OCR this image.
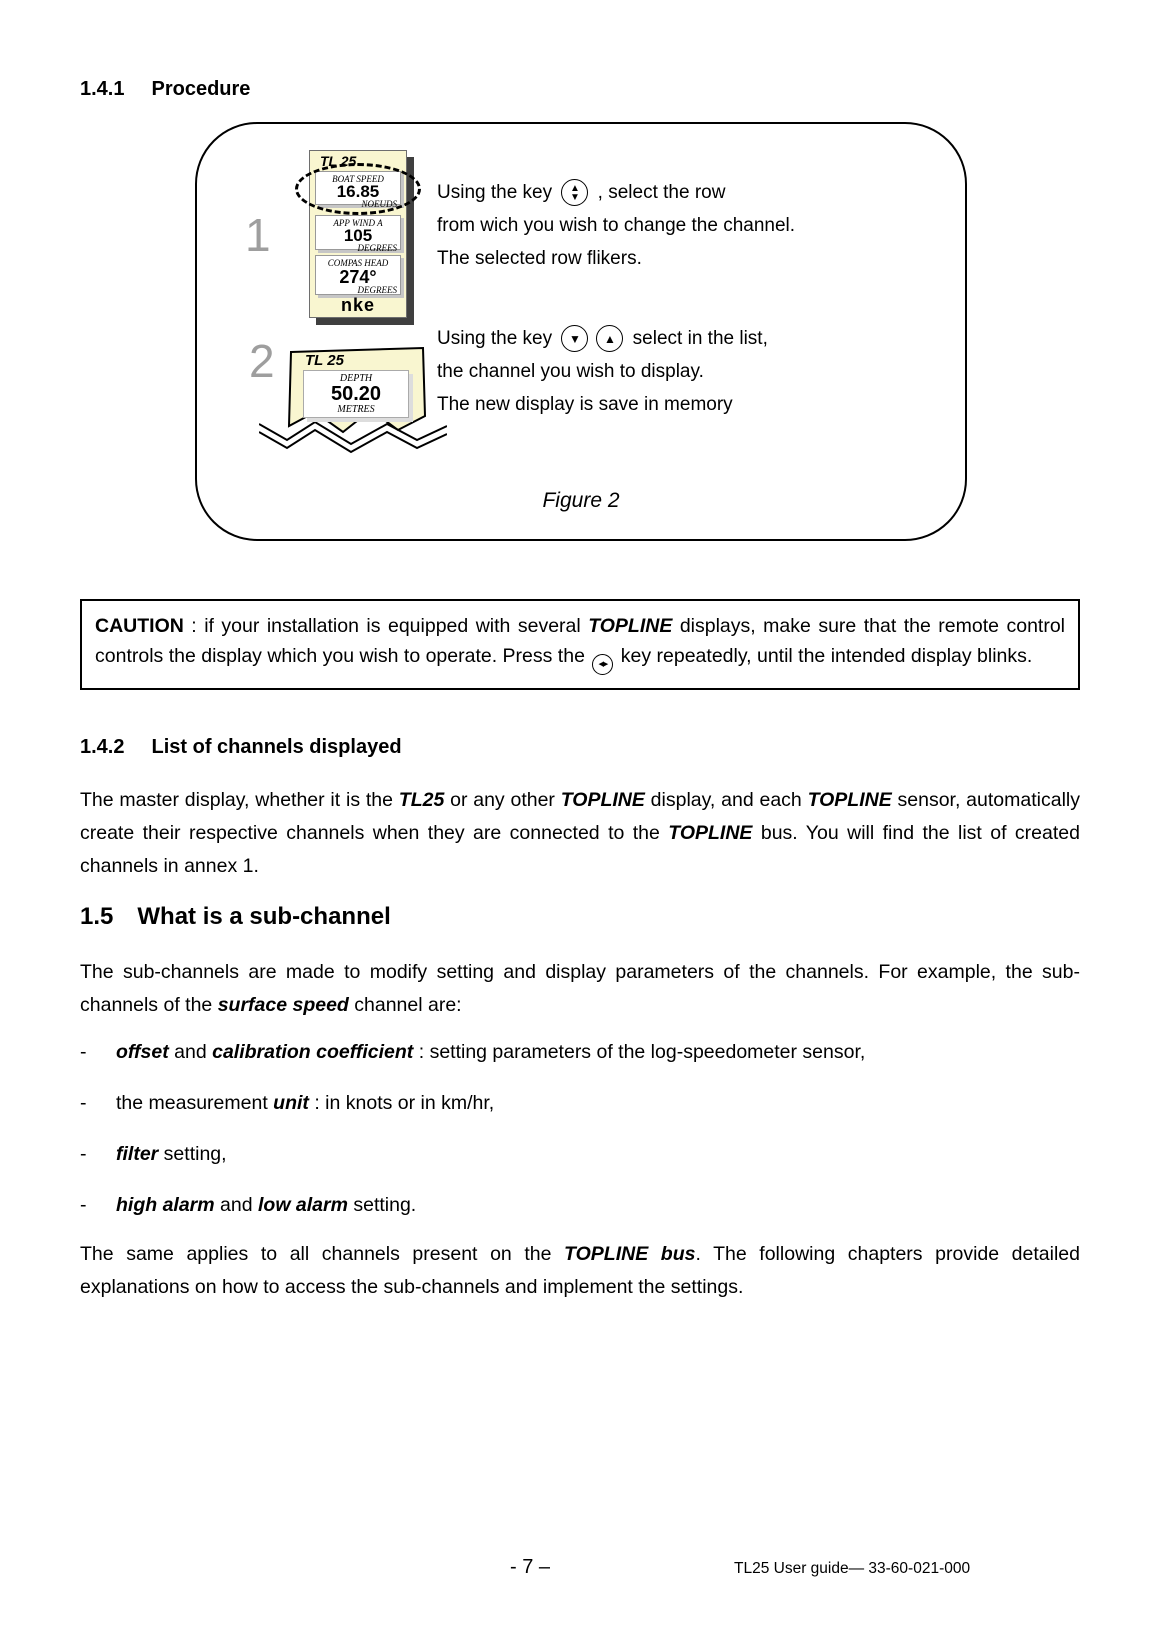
1.4.1 Procedure
1
TL 25
BOAT SPEED
16.85
NOEUDS
APP WIND A
105
DEGREES
COMPAS HEAD
274°
DEGREES
nke
Using the key ▲
▼ , select the row
from wich you wish to change the channel.
The selected row flikers.
2 TL 25
DEPTH
50.20
METRES
Using the key ▼ ▲ select in the list,
the channel you wish to display.
The new display is save in memory
Figure 2

CAUTION : if your installation is equipped with several TOPLINE displays, make sure that the remote control controls the display which you wish to operate. Press the ◀ ▶ key repeatedly, until the intended display blinks.

1.4.2 List of channels displayed

The master display, whether it is the TL25 or any other TOPLINE display, and each TOPLINE sensor, automatically create their respective channels when they are connected to the TOPLINE bus. You will find the list of created channels in annex 1.

1.5 What is a sub-channel

The sub-channels are made to modify setting and display parameters of the channels. For example, the sub-channels of the surface speed channel are:

-	offset and calibration coefficient : setting parameters of the log-speedometer sensor,
-	the measurement unit : in knots or in km/hr,
-	filter setting,
-	high alarm and low alarm setting.

The same applies to all channels present on the TOPLINE bus. The following chapters provide detailed explanations on how to access the sub-channels and implement the settings.

- 7 –	TL25 User guide— 33-60-021-000
